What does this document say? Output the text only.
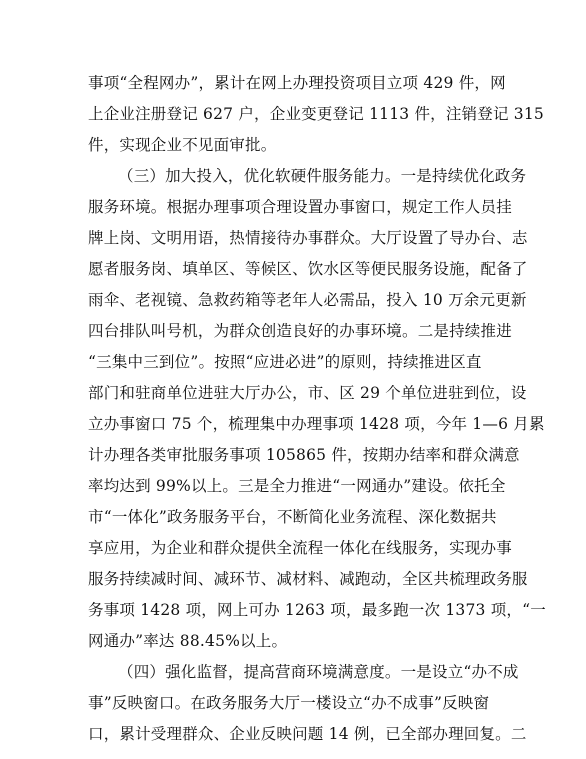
事项“全程网办”，累计在网上办理投资项目立项 429 件，网
上企业注册登记 627 户，企业变更登记 1113 件，注销登记 315
件，实现企业不见面审批。
（三）加大投入，优化软硬件服务能力。一是持续优化政务
服务环境。根据办理事项合理设置办事窗口，规定工作人员挂
牌上岗、文明用语，热情接待办事群众。大厅设置了导办台、志
愿者服务岗、填单区、等候区、饮水区等便民服务设施，配备了
雨伞、老视镜、急救药箱等老年人必需品，投入 10 万余元更新
四台排队叫号机，为群众创造良好的办事环境。二是持续推进
“三集中三到位”。按照“应进必进”的原则，持续推进区直
部门和驻商单位进驻大厅办公，市、区 29 个单位进驻到位，设
立办事窗口 75 个，梳理集中办理事项 1428 项，今年 1—6 月累
计办理各类审批服务事项 105865 件，按期办结率和群众满意
率均达到 99%以上。三是全力推进“一网通办”建设。依托全
市“一体化”政务服务平台，不断简化业务流程、深化数据共
享应用，为企业和群众提供全流程一体化在线服务，实现办事
服务持续减时间、减环节、减材料、减跑动，全区共梳理政务服
务事项 1428 项，网上可办 1263 项，最多跑一次 1373 项，“一
网通办”率达 88.45%以上。
（四）强化监督，提高营商环境满意度。一是设立“办不成
事”反映窗口。在政务服务大厅一楼设立“办不成事”反映窗
口，累计受理群众、企业反映问题 14 例，已全部办理回复。二
